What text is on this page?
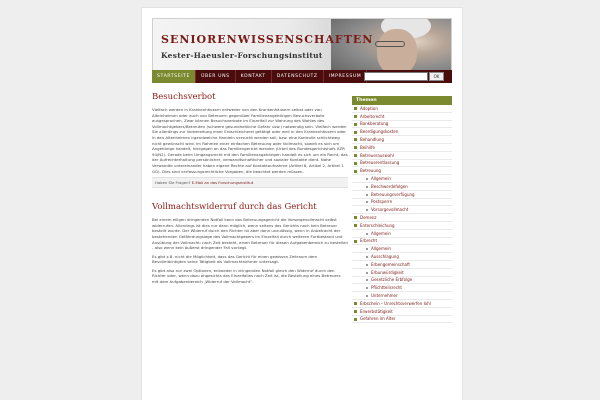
SENIORENWISSENSCHAFTEN
Kester-Haeusler-Forschungsinstitut
STARTSEITE	ÜBER UNS	KONTAKT	DATENSCHUTZ	IMPRESSUM	OK
Besuchsverbot

Vielfach werden in Krankenhäusern entweder von den Krankenhäusern selbst oder von Alteinheimen oder auch von Betreuern gegenüber Familienangehörigen Besuchsverbote ausgesprochen. Zwar können Besuchsverbote im Einzelfall zur Wahrung des Wohles des Vollmachtgebers/Betreuten (schwere gesundheitliche Gefahr usw.) notwendig sein. Vielfach werden Sie allerdings zur Vorbereitung einer Erbschleicherei getätigt oder weil in den Krankenhäusern oder in den Altenheimen irgendwelche Handeln versucht werden soll, bzw. eine Kontrolle schlichtweg nicht gewünscht wird. Im Rahmen einer einfachen Betreuung oder Vollmacht, soweit es sich um Angehörige handelt, hiergegen an das Familiengericht wenden (Urteil des Bundesgerichtshofs XZR 94/N2). Gerade beim Umgangsrecht mit den Familienangehörigen handelt es sich um ein Recht, das der Aufrechterhaltung persönlicher, verwandtschaftlicher und sozialer Kontakte dient. Nahe Verwandte untereinander haben eigene Rechte auf Kontaktaufnahme (Artikel 6, Artikel 2, Artikel 1 GG). Dies sind verfassungsrechtliche Vorgaben, die beachtet werden müssen.

Haben Sie Fragen? E-Mail an das Forschungsinstitut
Vollmachtswiderruf durch das Gericht

Bei einem eiligen dringenden Notfall kann das Betreuungsgericht die Vorsorgevollmacht selbst widerrufen. Allerdings ist dies nur dann möglich, wenn seitens des Gerichts noch kein Betreuer bestellt wurde. Der Widerruf durch den Richter ist aber dann unzulässig, wenn in Anbetracht der bestehenden Gefährdungslage des Vollmachtgebers im Einzelfall durch weiteren Fortbestand und Ausübung der Vollmacht: nach Zeit besteht, einen Betreuer für diesen Aufgabenbereich zu bestellen - also wenn kein äußerst dringender Fall vorliegt.

Es gibt z.B. nicht die Möglichkeit, dass das Gericht für einen gewissen Zeitraum dem Bevollmächtigten seine Tätigkeit als Vollmachtnehmer untersagt.

Es gibt also nur zwei Optionen, entweder in dringenden Notfall gleich den Widerruf durch den Richter oder, wenn dazu angesichts des Einzelfalles noch Zeit ist, die Bestellung eines Betreuers mit dem Aufgabenbereich „Widerruf der Vollmacht“.

Themen
Adoption
Arbeitsrecht
Bankberatung
Beerdigungskosten
Behandlung
Beihilfe
Betreuerauswahl
Betreuerentlassung
Betreuung
Allgemein
Beschwerdefolgen
Betreuungsverfügung
Postsperre
Vorsorgevollmacht
Demenz
Enterschleichung
Allgemein
Erbrecht
Allgemein
Ausschlagung
Erbengemeinschaft
Erbunwürdigkeit
Gesetzliche Erbfolge
Pflichtteilsrecht
Unternehmer
Erbschein – Unrechtsverwerfen lohl
Erwerbstätigkeit
Gefahren im Alter
